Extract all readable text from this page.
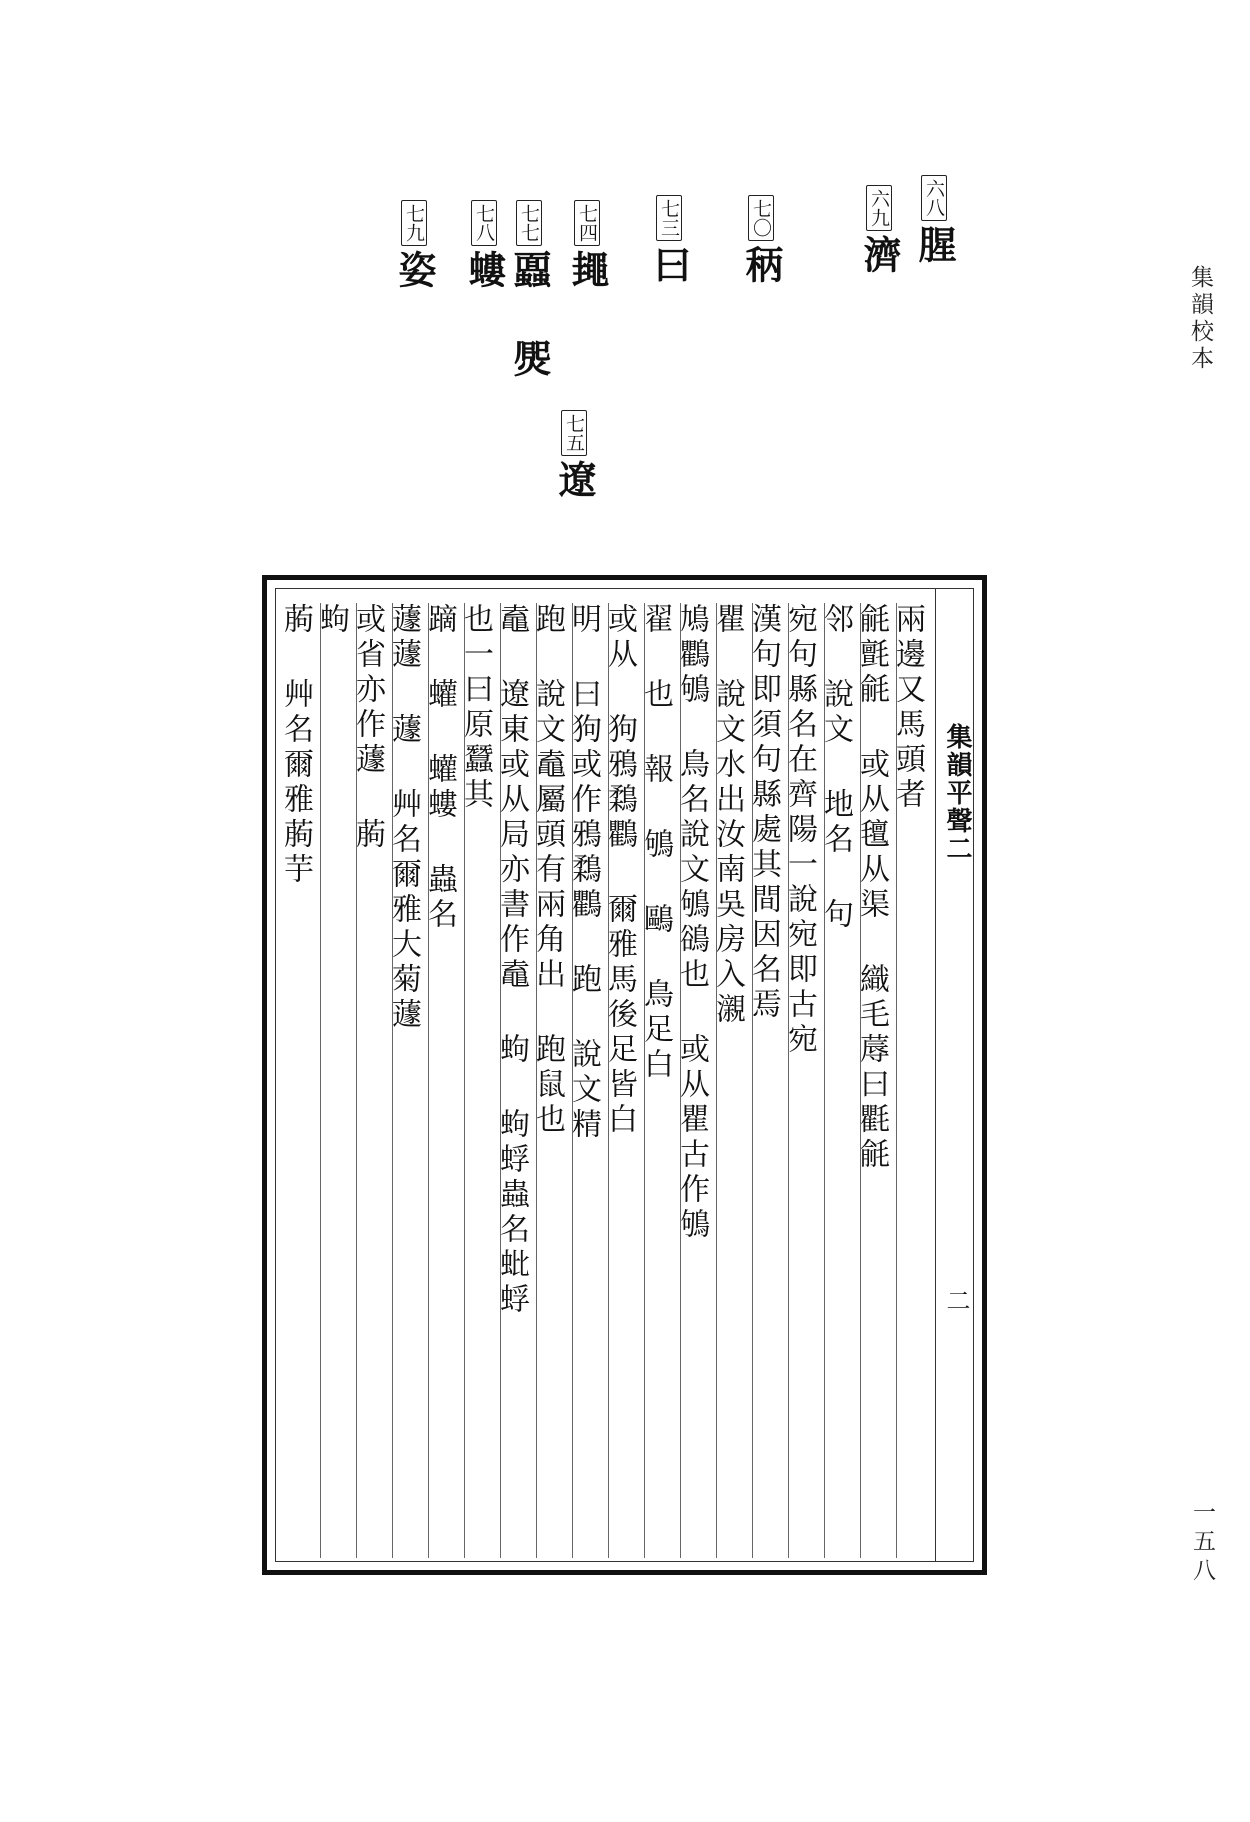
集韻校本
一五八
六八腥
六九濟
七〇䄼
七三曰
七五遼
七四䵷
七七蠠 㷗
七八螻
七九姿
集韻平聲二
二
兩邊又馬頭者
毹氈毹 或从氊从渠 織毛蓐曰氍毹
邻 說文 地名 句
宛句縣名在齊陽一說宛即古宛
漢句即須句縣處其間因名焉
瞿 說文水出汝南吳房入瀙
鳩鸜鴝 鳥名說文鴝鵒也 或从瞿古作鴝
翟 也 報 鴝 鷗 鳥足白
或从 狗鴉鶔鸜 爾雅馬後足皆白
明 曰狗或作鴉鶔鸜 跑 說文精
跑 說文鼁屬頭有兩角出 跑鼠也
鼁 遼東或从局亦書作鼁 蚼 蚼蜉蟲名蚍蜉
也一曰原蠶其
蹢 蠸 蠸螻 蟲名
蘧蘧 蘧 艸名爾雅大菊蘧
或省亦作蘧 葋
蚼
葋 艸名爾雅葋芋
